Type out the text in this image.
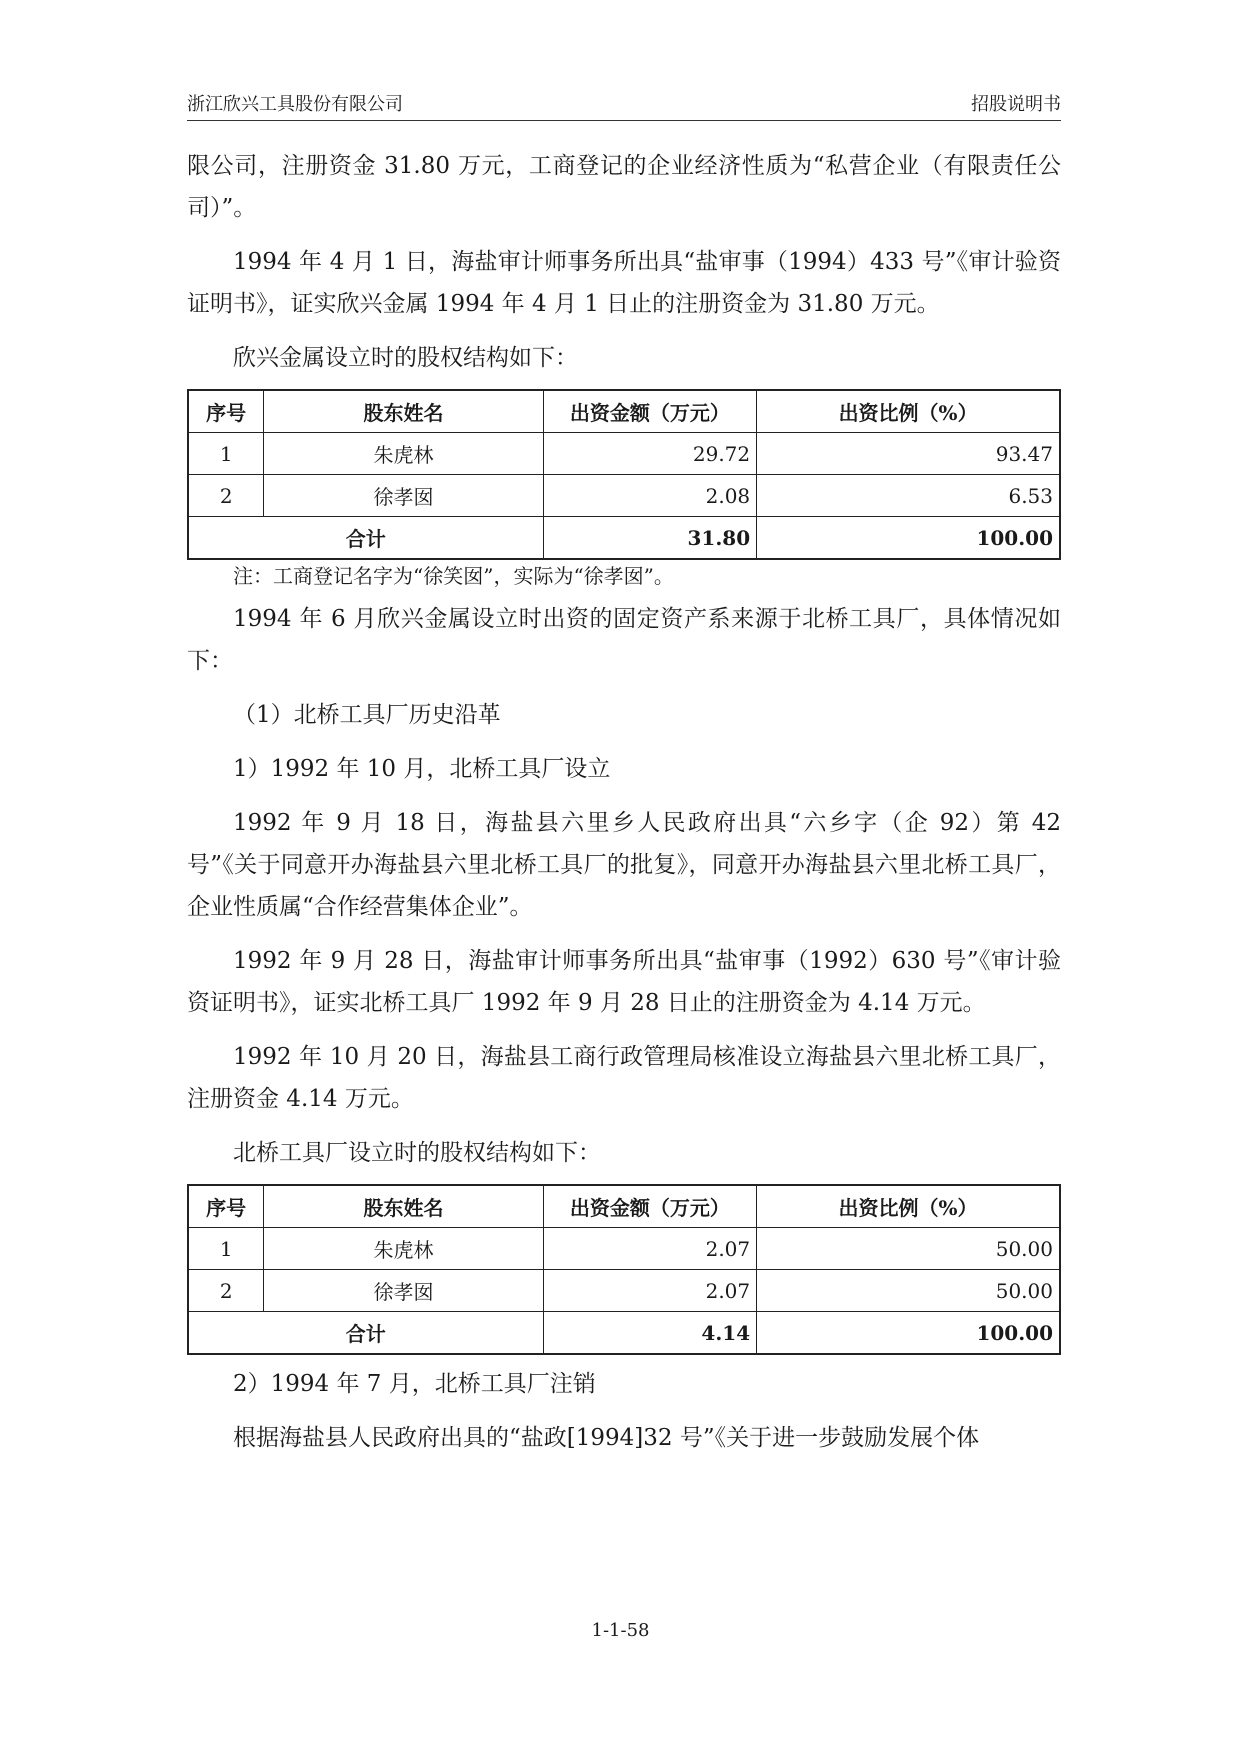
浙江欣兴工具股份有限公司	招股说明书

限公司，注册资金 31.80 万元，工商登记的企业经济性质为“私营企业（有限责任公司）”。

1994 年 4 月 1 日，海盐审计师事务所出具“盐审事（1994）433 号”《审计验资证明书》，证实欣兴金属 1994 年 4 月 1 日止的注册资金为 31.80 万元。

欣兴金属设立时的股权结构如下：

序号	股东姓名	出资金额（万元）	出资比例（%）
1	朱虎林	29.72	93.47
2	徐孝囡	2.08	6.53
合计		31.80	100.00
注：工商登记名字为“徐笑囡”，实际为“徐孝囡”。

1994 年 6 月欣兴金属设立时出资的固定资产系来源于北桥工具厂，具体情况如下：

（1）北桥工具厂历史沿革

1）1992 年 10 月，北桥工具厂设立

1992 年 9 月 18 日，海盐县六里乡人民政府出具“六乡字（企 92）第 42 号”《关于同意开办海盐县六里北桥工具厂的批复》，同意开办海盐县六里北桥工具厂，企业性质属“合作经营集体企业”。

1992 年 9 月 28 日，海盐审计师事务所出具“盐审事（1992）630 号”《审计验资证明书》，证实北桥工具厂 1992 年 9 月 28 日止的注册资金为 4.14 万元。

1992 年 10 月 20 日，海盐县工商行政管理局核准设立海盐县六里北桥工具厂，注册资金 4.14 万元。

北桥工具厂设立时的股权结构如下：

序号	股东姓名	出资金额（万元）	出资比例（%）
1	朱虎林	2.07	50.00
2	徐孝囡	2.07	50.00
合计		4.14	100.00

2）1994 年 7 月，北桥工具厂注销

根据海盐县人民政府出具的“盐政[1994]32 号”《关于进一步鼓励发展个体

1-1-58
